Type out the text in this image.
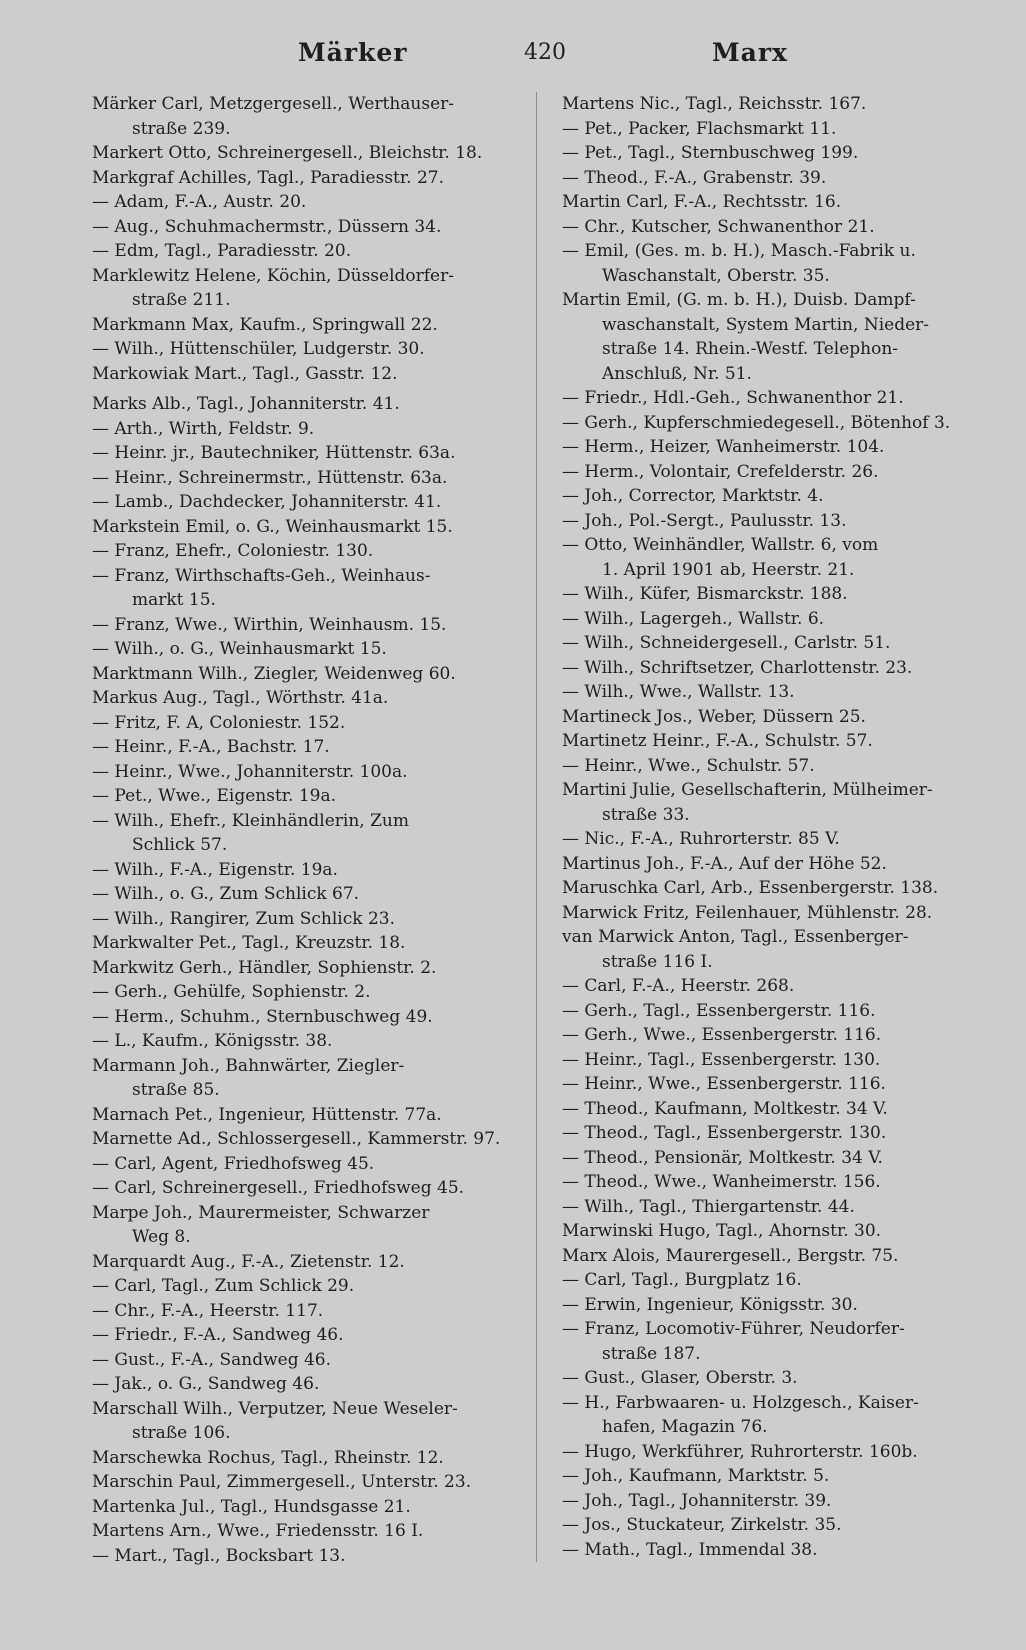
Märker	420	Marx
Märker Carl, Metzgergesell., Werthauser-
straße 239.
Markert Otto, Schreinergesell., Bleichstr. 18.
Markgraf Achilles, Tagl., Paradiesstr. 27.
— Adam, F.-A., Austr. 20.
— Aug., Schuhmachermstr., Düssern 34.
— Edm, Tagl., Paradiesstr. 20.
Marklewitz Helene, Köchin, Düsseldorfer-
straße 211.
Markmann Max, Kaufm., Springwall 22.
— Wilh., Hüttenschüler, Ludgerstr. 30.
Markowiak Mart., Tagl., Gasstr. 12.
Marks Alb., Tagl., Johanniterstr. 41.
— Arth., Wirth, Feldstr. 9.
— Heinr. jr., Bautechniker, Hüttenstr. 63a.
— Heinr., Schreinermstr., Hüttenstr. 63a.
— Lamb., Dachdecker, Johanniterstr. 41.
Markstein Emil, o. G., Weinhausmarkt 15.
— Franz, Ehefr., Coloniestr. 130.
— Franz, Wirthschafts-Geh., Weinhaus-
markt 15.
— Franz, Wwe., Wirthin, Weinhausm. 15.
— Wilh., o. G., Weinhausmarkt 15.
Marktmann Wilh., Ziegler, Weidenweg 60.
Markus Aug., Tagl., Wörthstr. 41a.
— Fritz, F. A, Coloniestr. 152.
— Heinr., F.-A., Bachstr. 17.
— Heinr., Wwe., Johanniterstr. 100a.
— Pet., Wwe., Eigenstr. 19a.
— Wilh., Ehefr., Kleinhändlerin, Zum
Schlick 57.
— Wilh., F.-A., Eigenstr. 19a.
— Wilh., o. G., Zum Schlick 67.
— Wilh., Rangirer, Zum Schlick 23.
Markwalter Pet., Tagl., Kreuzstr. 18.
Markwitz Gerh., Händler, Sophienstr. 2.
— Gerh., Gehülfe, Sophienstr. 2.
— Herm., Schuhm., Sternbuschweg 49.
— L., Kaufm., Königsstr. 38.
Marmann Joh., Bahnwärter, Ziegler-
straße 85.
Marnach Pet., Ingenieur, Hüttenstr. 77a.
Marnette Ad., Schlossergesell., Kammerstr. 97.
— Carl, Agent, Friedhofsweg 45.
— Carl, Schreinergesell., Friedhofsweg 45.
Marpe Joh., Maurermeister, Schwarzer
Weg 8.
Marquardt Aug., F.-A., Zietenstr. 12.
— Carl, Tagl., Zum Schlick 29.
— Chr., F.-A., Heerstr. 117.
— Friedr., F.-A., Sandweg 46.
— Gust., F.-A., Sandweg 46.
— Jak., o. G., Sandweg 46.
Marschall Wilh., Verputzer, Neue Weseler-
straße 106.
Marschewka Rochus, Tagl., Rheinstr. 12.
Marschin Paul, Zimmergesell., Unterstr. 23.
Martenka Jul., Tagl., Hundsgasse 21.
Martens Arn., Wwe., Friedensstr. 16 I.
— Mart., Tagl., Bocksbart 13.
Martens Nic., Tagl., Reichsstr. 167.
— Pet., Packer, Flachsmarkt 11.
— Pet., Tagl., Sternbuschweg 199.
— Theod., F.-A., Grabenstr. 39.
Martin Carl, F.-A., Rechtsstr. 16.
— Chr., Kutscher, Schwanenthor 21.
— Emil, (Ges. m. b. H.), Masch.-Fabrik u.
Waschanstalt, Oberstr. 35.
Martin Emil, (G. m. b. H.), Duisb. Dampf-
waschanstalt, System Martin, Nieder-
straße 14. Rhein.-Westf. Telephon-
Anschluß, Nr. 51.
— Friedr., Hdl.-Geh., Schwanenthor 21.
— Gerh., Kupferschmiedegesell., Bötenhof 3.
— Herm., Heizer, Wanheimerstr. 104.
— Herm., Volontair, Crefelderstr. 26.
— Joh., Corrector, Marktstr. 4.
— Joh., Pol.-Sergt., Paulusstr. 13.
— Otto, Weinhändler, Wallstr. 6, vom
1. April 1901 ab, Heerstr. 21.
— Wilh., Küfer, Bismarckstr. 188.
— Wilh., Lagergeh., Wallstr. 6.
— Wilh., Schneidergesell., Carlstr. 51.
— Wilh., Schriftsetzer, Charlottenstr. 23.
— Wilh., Wwe., Wallstr. 13.
Martineck Jos., Weber, Düssern 25.
Martinetz Heinr., F.-A., Schulstr. 57.
— Heinr., Wwe., Schulstr. 57.
Martini Julie, Gesellschafterin, Mülheimer-
straße 33.
— Nic., F.-A., Ruhrorterstr. 85 V.
Martinus Joh., F.-A., Auf der Höhe 52.
Maruschka Carl, Arb., Essenbergerstr. 138.
Marwick Fritz, Feilenhauer, Mühlenstr. 28.
van Marwick Anton, Tagl., Essenberger-
straße 116 I.
— Carl, F.-A., Heerstr. 268.
— Gerh., Tagl., Essenbergerstr. 116.
— Gerh., Wwe., Essenbergerstr. 116.
— Heinr., Tagl., Essenbergerstr. 130.
— Heinr., Wwe., Essenbergerstr. 116.
— Theod., Kaufmann, Moltkestr. 34 V.
— Theod., Tagl., Essenbergerstr. 130.
— Theod., Pensionär, Moltkestr. 34 V.
— Theod., Wwe., Wanheimerstr. 156.
— Wilh., Tagl., Thiergartenstr. 44.
Marwinski Hugo, Tagl., Ahornstr. 30.
Marx Alois, Maurergesell., Bergstr. 75.
— Carl, Tagl., Burgplatz 16.
— Erwin, Ingenieur, Königsstr. 30.
— Franz, Locomotiv-Führer, Neudorfer-
straße 187.
— Gust., Glaser, Oberstr. 3.
— H., Farbwaaren- u. Holzgesch., Kaiser-
hafen, Magazin 76.
— Hugo, Werkführer, Ruhrorterstr. 160b.
— Joh., Kaufmann, Marktstr. 5.
— Joh., Tagl., Johanniterstr. 39.
— Jos., Stuckateur, Zirkelstr. 35.
— Math., Tagl., Immendal 38.
